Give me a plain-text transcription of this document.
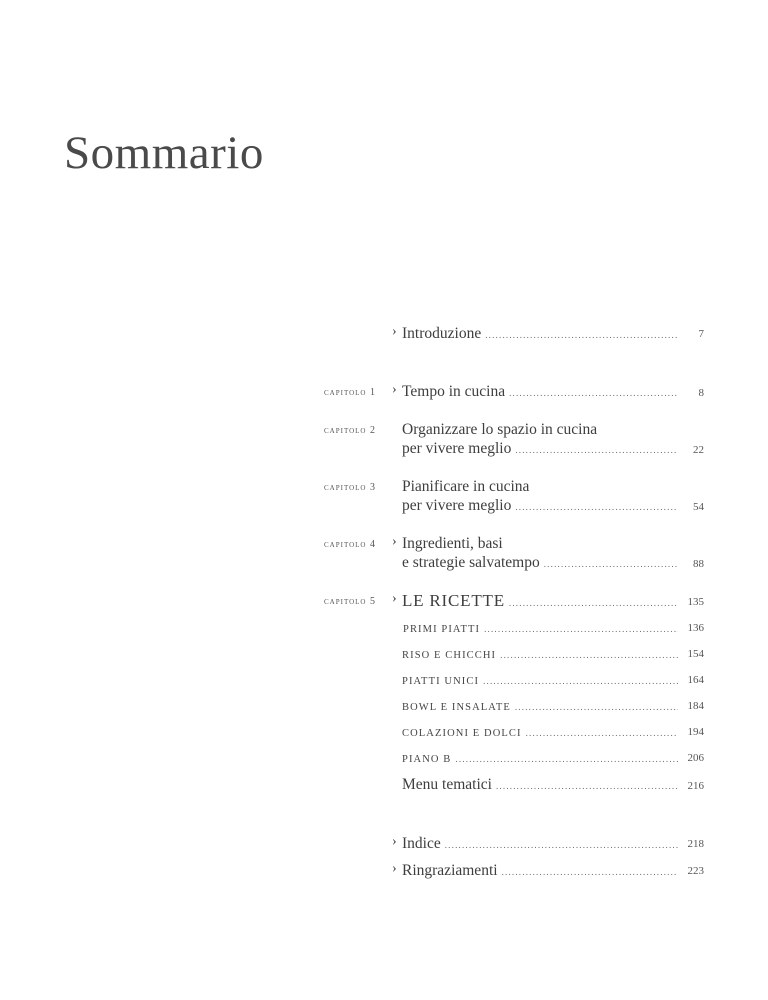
Sommario
› Introduzione .....	7
capitolo 1 › Tempo in cucina .....	8
capitolo 2 Organizzare lo spazio in cucina
per vivere meglio .....	22
capitolo 3 Pianificare in cucina
per vivere meglio .....	54
capitolo 4 › Ingredienti, basi
e strategie salvatempo .....	88
capitolo 5 › LE RICETTE .....	135
PRIMI PIATTI .....	136
RISO E CHICCHI .....	154
PIATTI UNICI .....	164
BOWL E INSALATE .....	184
COLAZIONI E DOLCI .....	194
PIANO B .....	206
Menu tematici .....	216
› Indice .....	218
› Ringraziamenti .....	223
